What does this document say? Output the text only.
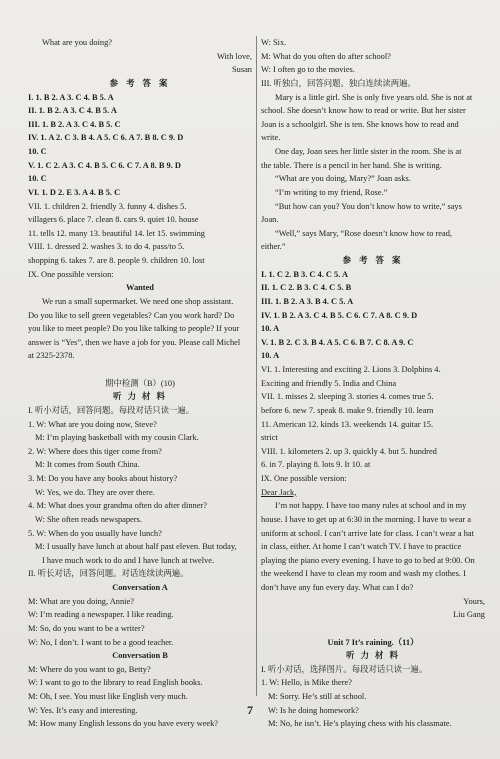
What are you doing?
With love,
Susan
参 考 答 案
I. 1. B 2. A 3. C 4. B 5. A
II. 1. B 2. A 3. C 4. B 5. A
III. 1. B 2. A 3. C 4. B 5. C
IV. 1. A 2. C 3. B 4. A 5. C 6. A 7. B 8. C 9. D
10. C
V. 1. C 2. A 3. C 4. B 5. C 6. C 7. A 8. B 9. D
10. C
VI. 1. D 2. E 3. A 4. B 5. C
VII. 1. children 2. friendly 3. funny 4. dishes 5.
villagers 6. place 7. clean 8. cars 9. quiet 10. house
11. tells 12. many 13. beautiful 14. let 15. swimming
VIII. 1. dressed 2. washes 3. to do 4. pass/to 5.
shopping 6. takes 7. are 8. people 9. children 10. lost
IX. One possible version:
Wanted
We run a small supermarket. We need one shop assistant.
Do you like to sell green vegetables? Can you work hard? Do
you like to meet people? Do you like talking to people? If your
answer is “Yes”, then we have a job for you. Please call Michel
at 2325-2378.

期中检测（B）(10)
听 力 材 料
I. 听小对话，回答问题。每段对话只读一遍。
1. W: What are you doing now, Steve?
M: I’m playing basketball with my cousin Clark.
2. W: Where does this tiger come from?
M: It comes from South China.
3. M: Do you have any books about history?
W: Yes, we do. They are over there.
4. M: What does your grandma often do after dinner?
W: She often reads newspapers.
5. W: When do you usually have lunch?
M: I usually have lunch at about half past eleven. But today,
I have much work to do and I have lunch at twelve.
II. 听长对话，回答问题。对话连续读两遍。
Conversation A
M: What are you doing, Annie?
W: I’m reading a newspaper. I like reading.
M: So, do you want to be a writer?
W: No, I don’t. I want to be a good teacher.
Conversation B
M: Where do you want to go, Betty?
W: I want to go to the library to read English books.
M: Oh, I see. You must like English very much.
W: Yes. It’s easy and interesting.
M: How many English lessons do you have every week?
W: Six.
M: What do you often do after school?
W: I often go to the movies.
III. 听独白，回答问题。独白连续读两遍。
Mary is a little girl. She is only five years old. She is not at
school. She doesn’t know how to read or write. But her sister
Joan is a schoolgirl. She is ten. She knows how to read and
write.
One day, Joan sees her little sister in the room. She is at
the table. There is a pencil in her hand. She is writing.
“What are you doing, Mary?” Joan asks.
“I’m writing to my friend, Rose.”
“But how can you? You don’t know how to write,” says
Joan.
“Well,” says Mary, “Rose doesn’t know how to read,
either.”
参 考 答 案
I. 1. C 2. B 3. C 4. C 5. A
II. 1. C 2. B 3. C 4. C 5. B
III. 1. B 2. A 3. B 4. C 5. A
IV. 1. B 2. A 3. C 4. B 5. C 6. C 7. A 8. C 9. D
10. A
V. 1. B 2. C 3. B 4. A 5. C 6. B 7. C 8. A 9. C
10. A
VI. 1. Interesting and exciting 2. Lions 3. Dolphins 4.
Exciting and friendly 5. India and China
VII. 1. misses 2. sleeping 3. stories 4. comes true 5.
before 6. new 7. speak 8. make 9. friendly 10. learn
11. American 12. kinds 13. weekends 14. guitar 15.
strict
VIII. 1. kilometers 2. up 3. quickly 4. but 5. hundred
6. in 7. playing 8. lots 9. It 10. at
IX. One possible version:
Dear Jack,
I’m not happy. I have too many rules at school and in my
house. I have to get up at 6:30 in the morning. I have to wear a
uniform at school. I can’t arrive late for class. I can’t wear a hat
in class, either. At home I can’t watch TV. I have to practice
playing the piano every evening. I have to go to bed at 9:00. On
the weekend I have to clean my room and wash my clothes. I
don’t have any fun every day. What can I do?
Yours,
Liu Gang

Unit 7 It’s raining.（11）
听 力 材 料
I. 听小对话，选择图片。每段对话只读一遍。
1. W: Hello, is Mike there?
M: Sorry. He’s still at school.
W: Is he doing homework?
M: No, he isn’t. He’s playing chess with his classmate.
7
